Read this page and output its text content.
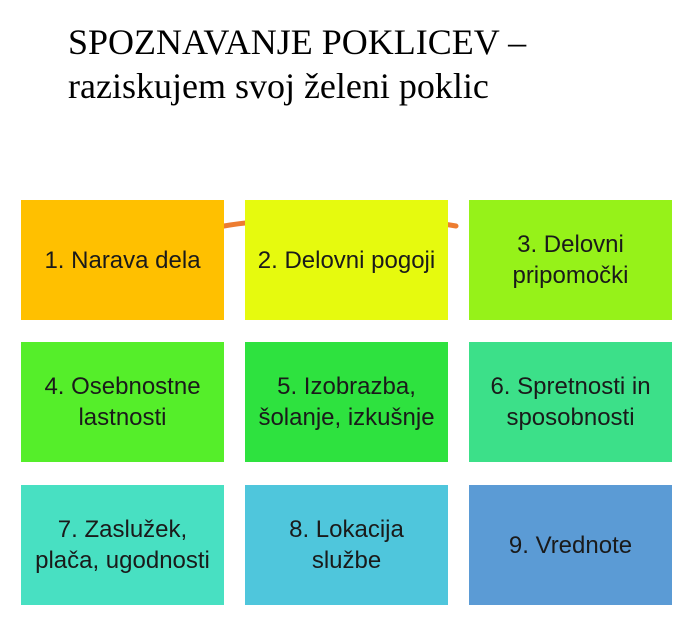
SPOZNAVANJE POKLICEV –
raziskujem svoj želeni poklic
1. Narava dela 2. Delovni pogoji
3. Delovni pripomočki
4. Osebnostne lastnosti
5. Izobrazba, šolanje, izkušnje
6. Spretnosti in sposobnosti
7. Zaslužek, plača, ugodnosti
8. Lokacija službe
9. Vrednote
